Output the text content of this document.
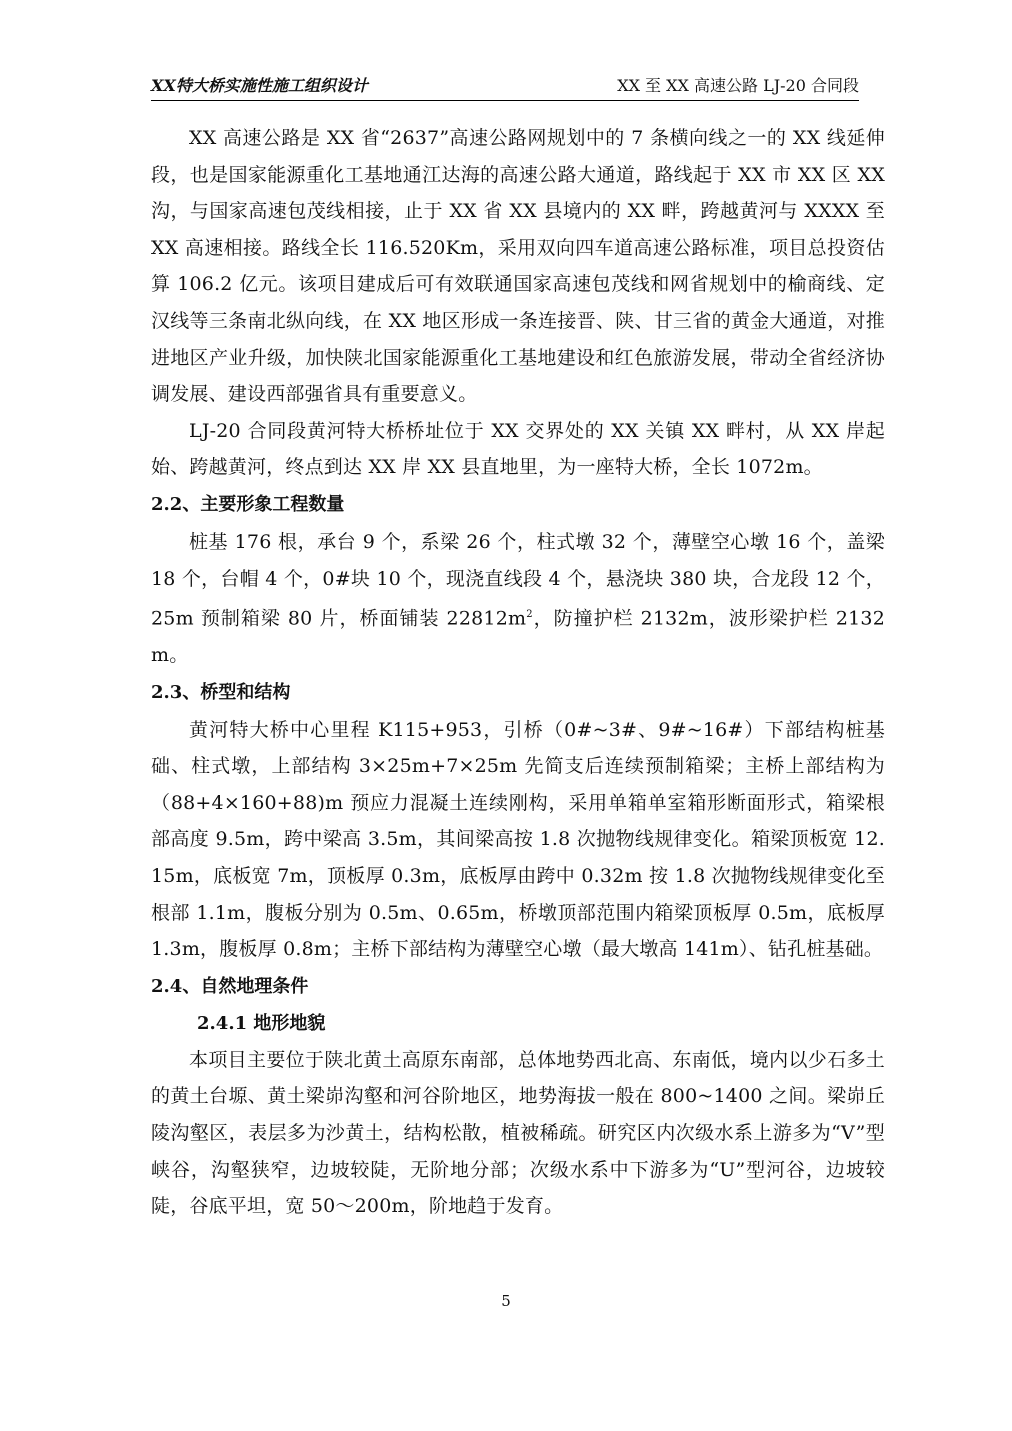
XX特大桥实施性施工组织设计	XX 至 XX 高速公路 LJ-20 合同段

XX 高速公路是 XX 省“2637”高速公路网规划中的 7 条横向线之一的 XX 线延伸段，也是国家能源重化工基地通江达海的高速公路大通道，路线起于 XX 市 XX 区 XX 沟，与国家高速包茂线相接，止于 XX 省 XX 县境内的 XX 畔，跨越黄河与 XXXX 至 XX 高速相接。路线全长 116.520Km，采用双向四车道高速公路标准，项目总投资估算 106.2 亿元。该项目建成后可有效联通国家高速包茂线和网省规划中的榆商线、定汉线等三条南北纵向线，在 XX 地区形成一条连接晋、陕、甘三省的黄金大通道，对推进地区产业升级，加快陕北国家能源重化工基地建设和红色旅游发展，带动全省经济协调发展、建设西部强省具有重要意义。

LJ-20 合同段黄河特大桥桥址位于 XX 交界处的 XX 关镇 XX 畔村，从 XX 岸起始、跨越黄河，终点到达 XX 岸 XX 县直地里，为一座特大桥，全长 1072m。

2.2、主要形象工程数量

桩基 176 根，承台 9 个，系梁 26 个，柱式墩 32 个，薄壁空心墩 16 个，盖梁 18 个，台帽 4 个，0#块 10 个，现浇直线段 4 个，悬浇块 380 块，合龙段 12 个，25m 预制箱梁 80 片，桥面铺装 $22812m^2$，防撞护栏 2132m，波形梁护栏 2132m。

2.3、桥型和结构

黄河特大桥中心里程 K115+953，引桥（0#~3#、9#~16#）下部结构桩基础、柱式墩，上部结构 3×25m+7×25m 先简支后连续预制箱梁；主桥上部结构为（88+4×160+88)m 预应力混凝土连续刚构，采用单箱单室箱形断面形式，箱梁根部高度 9.5m，跨中梁高 3.5m，其间梁高按 1.8 次抛物线规律变化。箱梁顶板宽 12.15m，底板宽 7m，顶板厚 0.3m，底板厚由跨中 0.32m 按 1.8 次抛物线规律变化至根部 1.1m，腹板分别为 0.5m、0.65m，桥墩顶部范围内箱梁顶板厚 0.5m，底板厚 1.3m，腹板厚 0.8m；主桥下部结构为薄壁空心墩（最大墩高 141m）、钻孔桩基础。

2.4、自然地理条件
2.4.1 地形地貌

本项目主要位于陕北黄土高原东南部，总体地势西北高、东南低，境内以少石多土的黄土台塬、黄土梁峁沟壑和河谷阶地区，地势海拔一般在 800~1400 之间。梁峁丘陵沟壑区，表层多为沙黄土，结构松散，植被稀疏。研究区内次级水系上游多为“V”型峡谷，沟壑狭窄，边坡较陡，无阶地分部；次级水系中下游多为“U”型河谷，边坡较陡，谷底平坦，宽 50～200m，阶地趋于发育。

5
